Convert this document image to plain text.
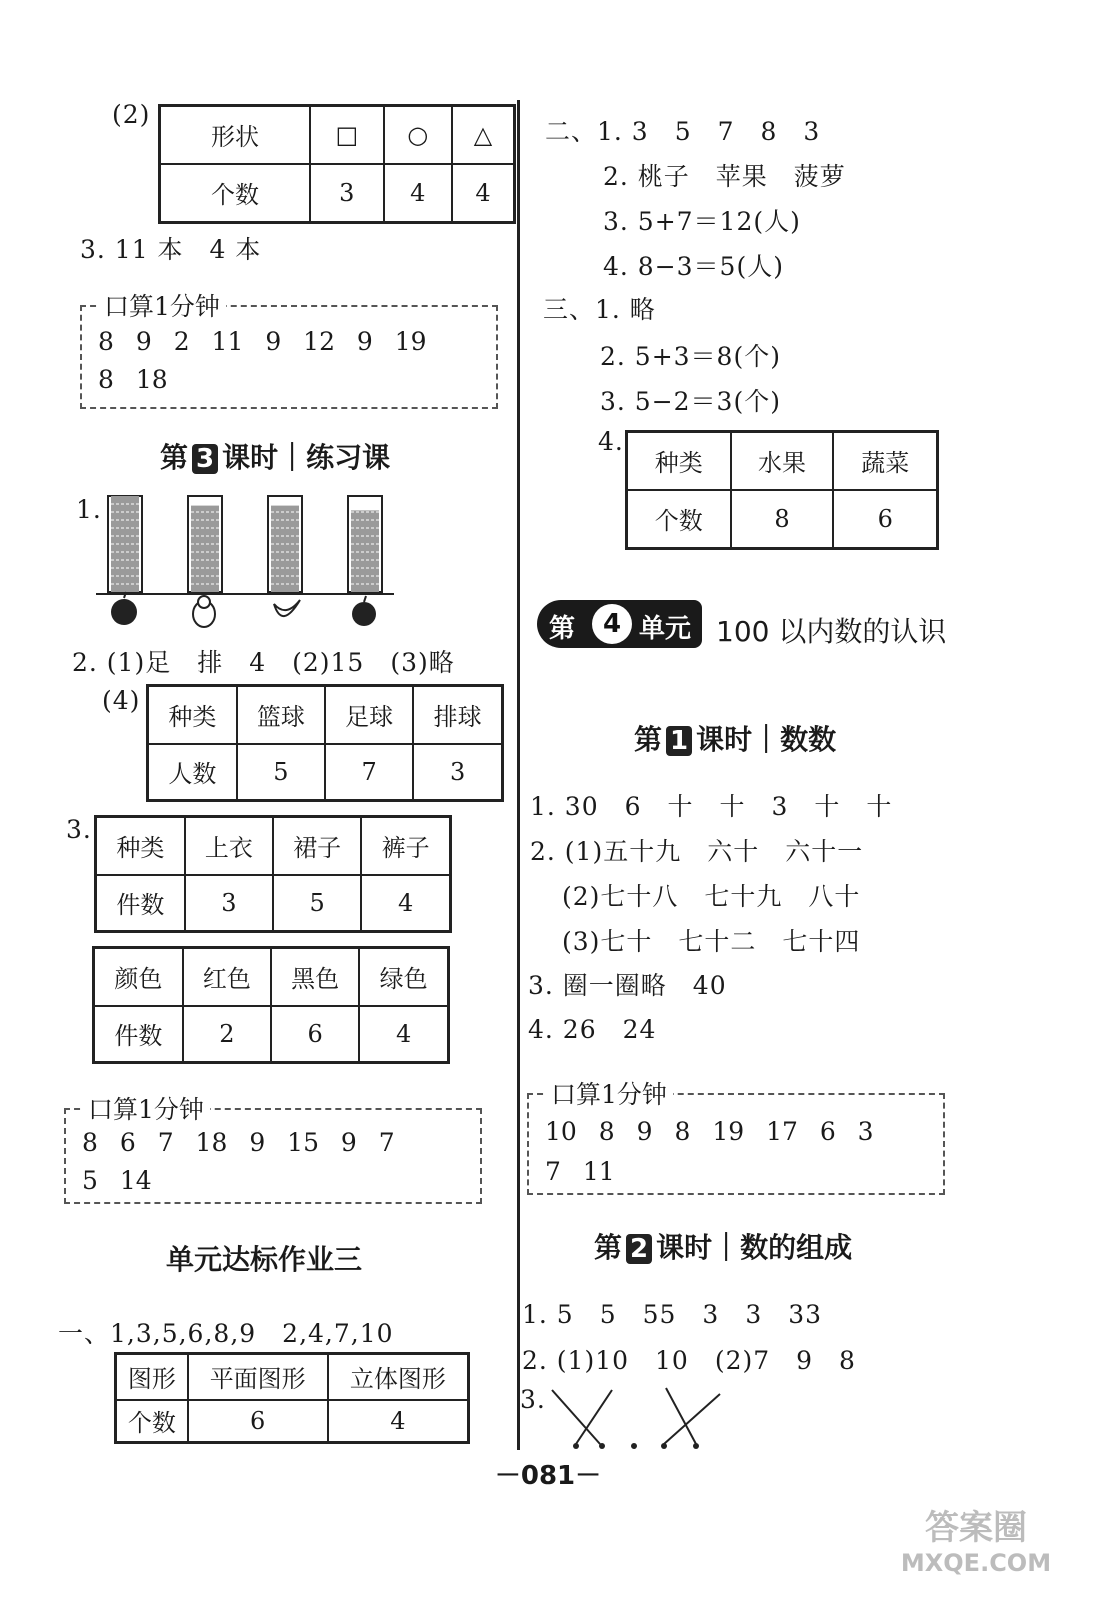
(2)
形状	□	○	△
个数	3	4	4
3. 11 本　4 本
口算1分钟
8 9 2 11 9 12 9 19
8 18
第 3 课时｜练习课
1.
2. (1)足　排　4　(2)15　(3)略
(4)
种类	篮球	足球	排球
人数	5	7	3
3.
种类	上衣	裙子	裤子
件数	3	5	4
颜色	红色	黑色	绿色
件数	2	6	4
口算1分钟
8 6 7 18 9 15 9 7
5 14
单元达标作业三
一、1,3,5,6,8,9　2,4,7,10
图形	平面图形	立体图形
个数	6	4
二、1. 3　5　7　8　3
2. 桃子　苹果　菠萝
3. 5+7＝12(人)
4. 8−3＝5(人)
三、1. 略
2. 5+3＝8(个)
3. 5−2＝3(个)
4.
种类	水果	蔬菜
个数	8	6
第	4 单元 100 以内数的认识
第 1 课时｜数数
1. 30　6　十　十　3　十　十
2. (1)五十九　六十　六十一
(2)七十八　七十九　八十
(3)七十　七十二　七十四
3. 圈一圈略　40
4. 26　24
口算1分钟
10 8 9 8 19 17 6 3
7 11
第 2 课时｜数的组成
1. 5　5　55　3　3　33
2. (1)10　10　(2)7　9　8
3.
－081－
答案圈
MXQE.COM
